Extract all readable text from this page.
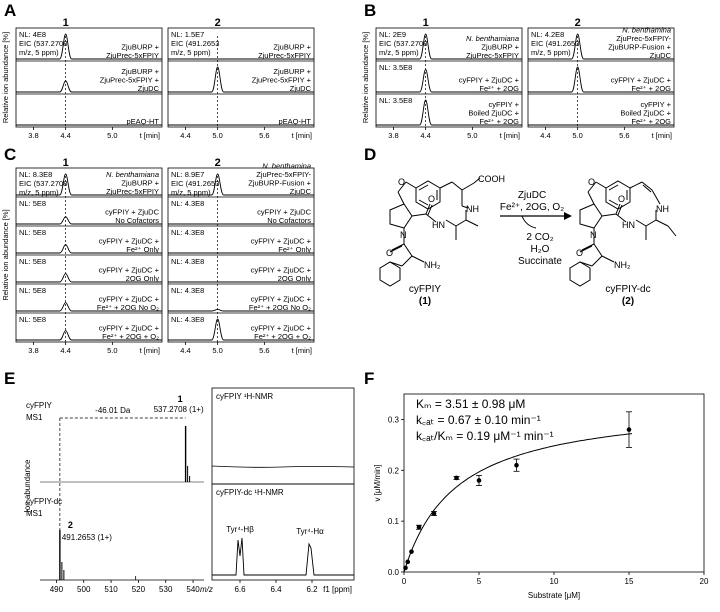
A	B
C	D
E	F
Relative ion abundance [%]
1
ZjuBURP +
ZjuPrec-5xFPIY
ZjuBURP +
ZjuPrec-5xFPIY +
ZjuDC
pEAQ-HT
NL: 4E8
EIC (537.2708
m/z, 5 ppm)
3.8	4.4	5.0	t [min]
2
ZjuBURP +
ZjuPrec-5xFPIY
ZjuBURP +
ZjuPrec-5xFPIY +
ZjuDC
pEAQ-HT
NL: 1.5E7
EIC (491.2653
m/z, 5 ppm)
4.4	5.0	5.6	t [min]
Relative ion abundance [%]
1
N. benthamiana
ZjuBURP +
ZjuPrec-5xFPIY
NL: 3.5E8
cyFPIY + ZjuDC +
Fe²⁺ + 2OG
NL: 3.5E8	cyFPIY +
Boiled ZjuDC +
Fe²⁺ + 2OG
NL: 2E9
EIC (537.2708
m/z, 5 ppm)
3.8	4.4	5.0	t [min]
2
N. benthamina
ZjuPrec-5xFPIY-
ZjuBURP-Fusion +
ZjuDC
cyFPIY + ZjuDC +
Fe²⁺ + 2OG
cyFPIY +
Boiled ZjuDC +
Fe²⁺ + 2OG
NL: 4.2E8
EIC (491.2653
m/z, 5 ppm)
4.4	5.0	5.6	t [min]
Relative ion abundance [%]
1
N. benthamiana
ZjuBURP +
ZjuPrec-5xFPIY
NL: 5E8
cyFPIY + ZjuDC
No Cofactors
NL: 5E8
cyFPIY + ZjuDC +
Fe²⁺ Only
NL: 5E8
cyFPIY + ZjuDC +
2OG Only
NL: 5E8
cyFPIY + ZjuDC +
Fe²⁺ + 2OG No O₂
NL: 5E8
cyFPIY + ZjuDC +
Fe²⁺ + 2OG + O₂
NL: 8.3E8
EIC (537.2708
m/z, 5 ppm)
3.8	4.4	5.0	t [min]
2	N. benthamina
ZjuPrec-5xFPIY-
ZjuBURP-Fusion +
ZjuDC
NL: 4.3E8
cyFPIY + ZjuDC
No Cofactors
NL: 4.3E8
cyFPIY + ZjuDC +
Fe²⁺ Only
NL: 4.3E8
cyFPIY + ZjuDC +
2OG Only
NL: 4.3E8
cyFPIY + ZjuDC +
Fe²⁺ + 2OG No O₂
NL: 4.3E8
cyFPIY + ZjuDC +
Fe²⁺ + 2OG + O₂
NL: 8.9E7
EIC (491.2653
m/z, 5 ppm)
4.4	5.0	5.6	t [min]
O
N
HN
NH
COOH
O
O
NH₂
cyFPIY
(1)
ZjuDC
Fe²⁺, 2OG, O₂
2 CO₂
H₂O
Succinate
O
N
HN
NH
O
O
NH₂
cyFPIY-dc
(2)
Ion abundance
490 500 510 520 530 540 m/z
cyFPIY
MS1
1
537.2708 (1+)
-46.01 Da
cyFPIY-dc
MS1
2
491.2653 (1+)
cyFPIY ¹H-NMR
cyFPIY-dc ¹H-NMR
Tyr⁴-Hβ	Tyr⁴-Hα
6.6	6.4	6.2 f1 [ppm]
0	5	10	15	20
0.0
0.1
0.2
0.3
Substrate [μM]
v [μM/min]
Kₘ = 3.51 ± 0.98 μM
k꜀ₐₜ = 0.67 ± 0.10 min⁻¹
k꜀ₐₜ/Kₘ = 0.19 μM⁻¹ min⁻¹
